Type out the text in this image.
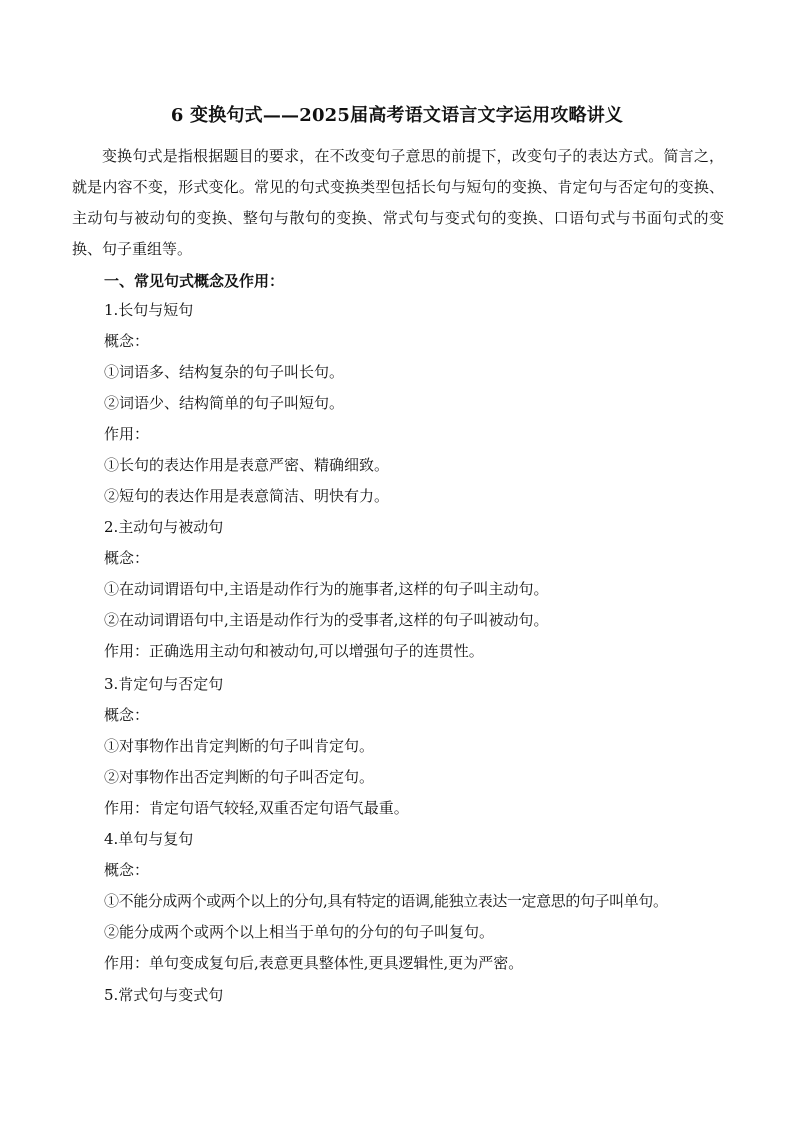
6 变换句式——2025届高考语文语言文字运用攻略讲义

变换句式是指根据题目的要求，在不改变句子意思的前提下，改变句子的表达方式。简言之，就是内容不变，形式变化。常见的句式变换类型包括长句与短句的变换、肯定句与否定句的变换、主动句与被动句的变换、整句与散句的变换、常式句与变式句的变换、口语句式与书面句式的变换、句子重组等。

一、常见句式概念及作用：

1.长句与短句

概念：

①词语多、结构复杂的句子叫长句。

②词语少、结构简单的句子叫短句。

作用：

①长句的表达作用是表意严密、精确细致。

②短句的表达作用是表意简洁、明快有力。

2.主动句与被动句

概念：

①在动词谓语句中,主语是动作行为的施事者,这样的句子叫主动句。

②在动词谓语句中,主语是动作行为的受事者,这样的句子叫被动句。

作用：正确选用主动句和被动句,可以增强句子的连贯性。

3.肯定句与否定句

概念：

①对事物作出肯定判断的句子叫肯定句。

②对事物作出否定判断的句子叫否定句。

作用：肯定句语气较轻,双重否定句语气最重。

4.单句与复句

概念：

①不能分成两个或两个以上的分句,具有特定的语调,能独立表达一定意思的句子叫单句。

②能分成两个或两个以上相当于单句的分句的句子叫复句。

作用：单句变成复句后,表意更具整体性,更具逻辑性,更为严密。

5.常式句与变式句
